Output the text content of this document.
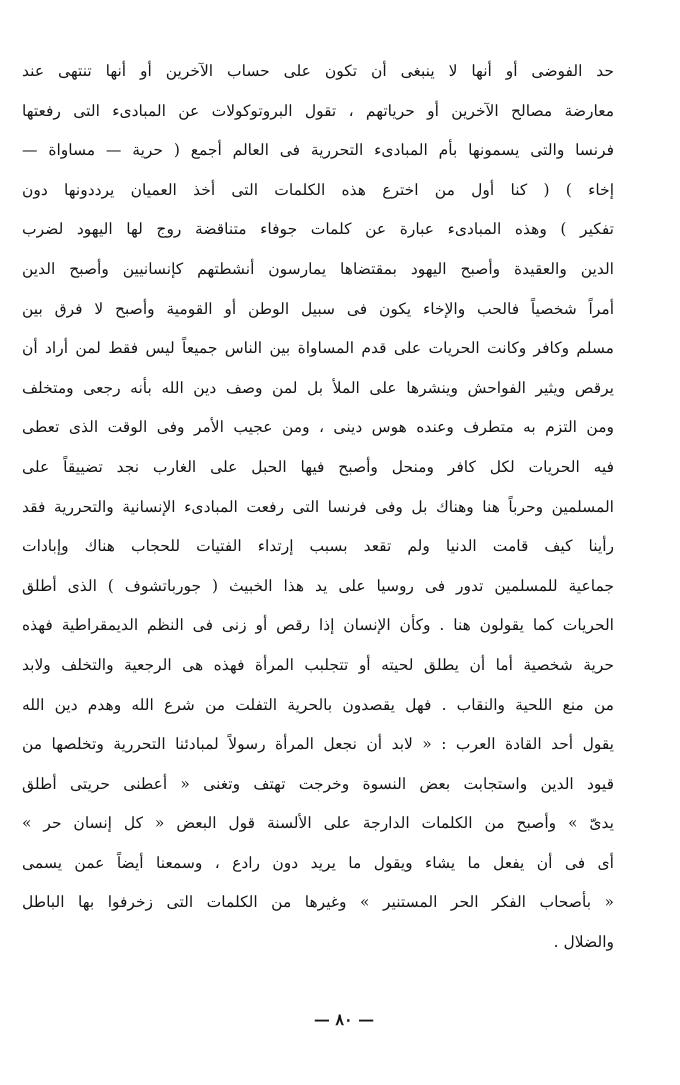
حد الفوضى أو أنها لا ينبغى أن تكون على حساب الآخرين أو أنها تنتهى عند
معارضة مصالح الآخرين أو حرياتهم ، تقول البروتوكولات عن المبادىء التى رفعتها
فرنسا والتى يسمونها بأم المبادىء التحررية فى العالم أجمع ( حرية — مساواة —
إخاء ) ( كنا أول من اخترع هذه الكلمات التى أخذ العميان يرددونها دون
تفكير ) وهذه المبادىء عبارة عن كلمات جوفاء متناقضة روج لها اليهود لضرب
الدين والعقيدة وأصبح اليهود بمقتضاها يمارسون أنشطتهم كإنسانيين وأصبح الدين
أمراً شخصياً فالحب والإخاء يكون فى سبيل الوطن أو القومية وأصبح لا فرق بين
مسلم وكافر وكانت الحريات على قدم المساواة بين الناس جميعاً ليس فقط لمن أراد أن
يرقص ويثير الفواحش وينشرها على الملأ بل لمن وصف دين الله بأنه رجعى ومتخلف
ومن التزم به متطرف وعنده هوس دينى ، ومن عجيب الأمر وفى الوقت الذى تعطى
فيه الحريات لكل كافر ومنحل وأصبح فيها الحبل على الغارب نجد تضييقاً على
المسلمين وحرباً هنا وهناك بل وفى فرنسا التى رفعت المبادىء الإنسانية والتحررية فقد
رأينا كيف قامت الدنيا ولم تقعد بسبب إرتداء الفتيات للحجاب هناك وإبادات
جماعية للمسلمين تدور فى روسيا على يد هذا الخبيث ( جورباتشوف ) الذى أطلق
الحريات كما يقولون هنا . وكأن الإنسان إذا رقص أو زنى فى النظم الديمقراطية فهذه
حرية شخصية أما أن يطلق لحيته أو تتجلبب المرأة فهذه هى الرجعية والتخلف ولابد
من منع اللحية والنقاب . فهل يقصدون بالحرية التفلت من شرع الله وهدم دين الله
يقول أحد القادة العرب : « لابد أن نجعل المرأة رسولاً لمبادئنا التحررية وتخلصها من
قيود الدين واستجابت بعض النسوة وخرجت تهتف وتغنى « أعطنى حريتى أطلق
يدىّ » وأصبح من الكلمات الدارجة على الألسنة قول البعض « كل إنسان حر »
أى فى أن يفعل ما يشاء ويقول ما يريد دون رادع ، وسمعنا أيضاً عمن يسمى
« بأصحاب الفكر الحر المستنير » وغيرها من الكلمات التى زخرفوا بها الباطل
والضلال .
— ٨٠ —
